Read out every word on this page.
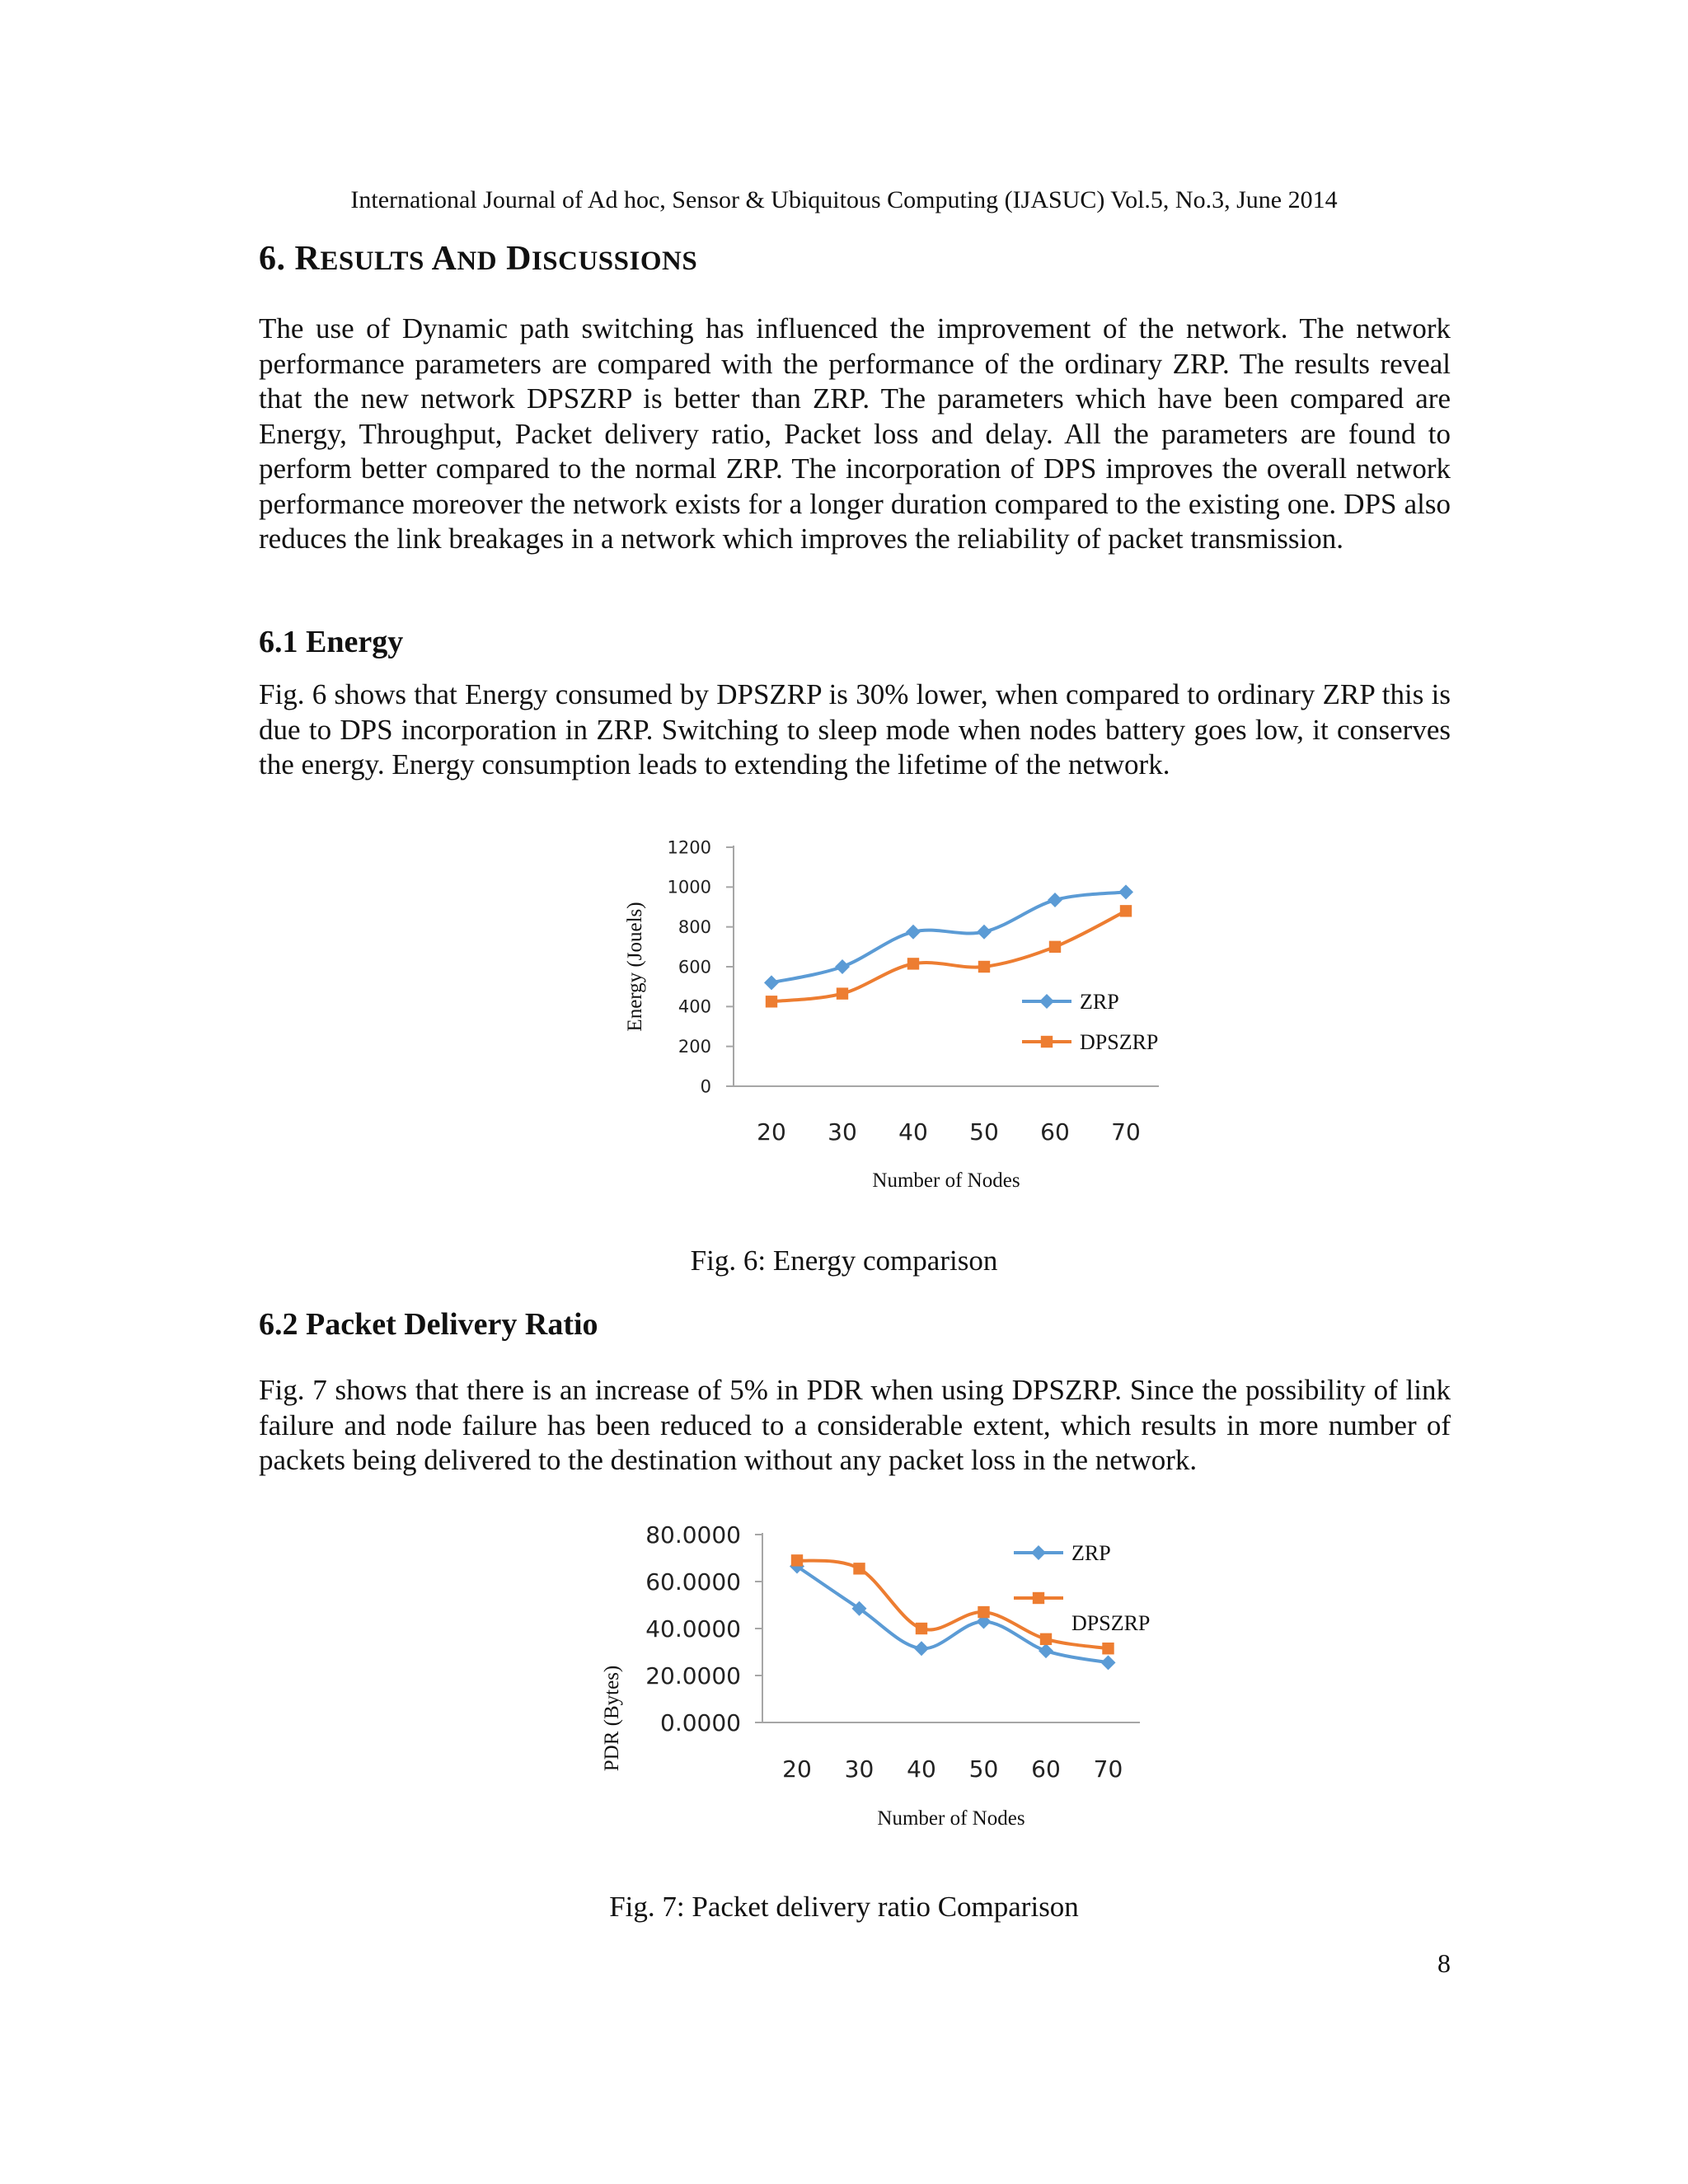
International Journal of Ad hoc, Sensor & Ubiquitous Computing (IJASUC) Vol.5, No.3, June 2014
6. RESULTS AND DISCUSSIONS

The use of Dynamic path switching has influenced the improvement of the network. The network performance parameters are compared with the performance of the ordinary ZRP. The results reveal that the new network DPSZRP is better than ZRP. The parameters which have been compared are Energy, Throughput, Packet delivery ratio, Packet loss and delay. All the parameters are found to perform better compared to the normal ZRP. The incorporation of DPS improves the overall network performance moreover the network exists for a longer duration compared to the existing one. DPS also reduces the link breakages in a network which improves the reliability of packet transmission.

6.1 Energy

Fig. 6 shows that Energy consumed by DPSZRP is 30% lower, when compared to ordinary ZRP this is due to DPS incorporation in ZRP. Switching to sleep mode when nodes battery goes low, it conserves the energy. Energy consumption leads to extending the lifetime of the network.

0
200
400
600
800
1000
1200
20 30 40 50 60 70
Number of Nodes
Energy (Jouels)	ZRP
DPSZRP
Fig. 6: Energy comparison
6.2 Packet Delivery Ratio

Fig. 7 shows that there is an increase of 5% in PDR when using DPSZRP. Since the possibility of link failure and node failure has been reduced to a considerable extent, which results in more number of packets being delivered to the destination without any packet loss in the network.

0.0000
20.0000
40.0000
60.0000
80.0000
20 30 40 50 60 70
Number of Nodes
PDR (Bytes)
ZRP
DPSZRP
Fig. 7: Packet delivery ratio Comparison
8
